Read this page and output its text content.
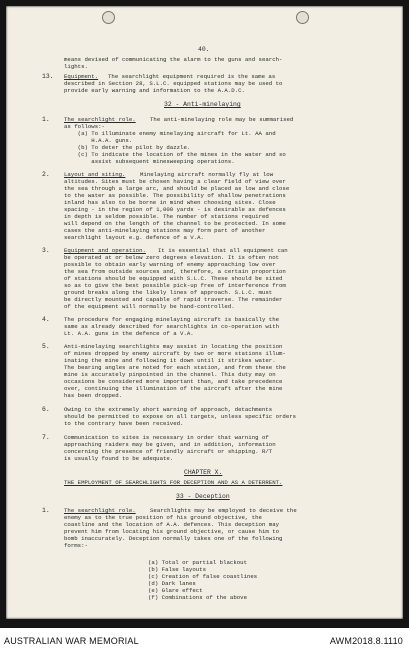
40.

means devised of communicating the alarm to the guns and search-

lights.

13. Equipment. The searchlight equipment required is the same as

described in Section 28, S.L.C. equipped stations may be used to

provide early warning and information to the A.A.D.C.

32 - Anti-minelaying

1.	The searchlight role.	The anti-minelaying role may be summarised

as follows:-

(a) To illuminate enemy minelaying aircraft for Lt. AA and

H.A.A. guns.

(b) To deter the pilot by dazzle.

(c) To indicate the location of the mines in the water and so

assist subsequent minesweeping operations.

2.	Layout and siting.	Minelaying aircraft normally fly at low

altitudes. Sites must be chosen having a clear field of view over

the sea through a large arc, and should be placed as low and close

to the water as possible. The possibility of shallow penetrations

inland has also to be borne in mind when choosing sites. Close

spacing - in the region of 1,000 yards - is desirable as defences

in depth is seldom possible. The number of stations required

will depend on the length of the channel to be protected. In some

cases the anti-minelaying stations may form part of another

searchlight layout e.g. defence of a V.A.

3.	Equipment and operation. It is essential that all equipment can

be operated at or below zero degrees elevation. It is often not

possible to obtain early warning of enemy approaching low over

the sea from outside sources and, therefore, a certain proportion

of stations should be equipped with S.L.C. These should be sited

so as to give the best possible pick-up free of interference from

ground breaks along the likely lines of approach. S.L.C. must

be directly mounted and capable of rapid traverse. The remainder

of the equipment will normally be hand-controlled.

4.	The procedure for engaging minelaying aircraft is basically the

same as already described for searchlights in co-operation with

Lt. A.A. guns in the defence of a V.A.

5.	Anti-minelaying searchlights may assist in locating the position

of mines dropped by enemy aircraft by two or more stations illum-

inating the mine and following it down until it strikes water.

The bearing angles are noted for each station, and from these the

mine is accurately pinpointed in the channel. This duty may on

occasions be considered more important than, and take precedence

over, continuing the illumination of the aircraft after the mine

has been dropped.

6.	Owing to the extremely short warning of approach, detachments

should be permitted to expose on all targets, unless specific orders

to the contrary have been received.

7.	Communication to sites is necessary in order that warning of

approaching raiders may be given, and in addition, information

concerning the presence of friendly aircraft or shipping. R/T

is usually found to be adequate.

CHAPTER X.

THE EMPLOYMENT OF SEARCHLIGHTS FOR DECEPTION AND AS A DETERRENT.

33 - Deception

1.	The searchlight role.	Searchlights may be employed to deceive the

enemy as to the true position of his ground objective, the

coastline and the location of A.A. defences. This deception may

prevent him from locating his ground objective, or cause him to

bomb inaccurately. Deception normally takes one of the following

forms:-

(a) Total or partial blackout

(b) False layouts

(c) Creation of false coastlines

(d) Dark lanes

(e) Glare effect

(f) Combinations of the above

AUSTRALIAN WAR MEMORIAL	AWM2018.8.1110
